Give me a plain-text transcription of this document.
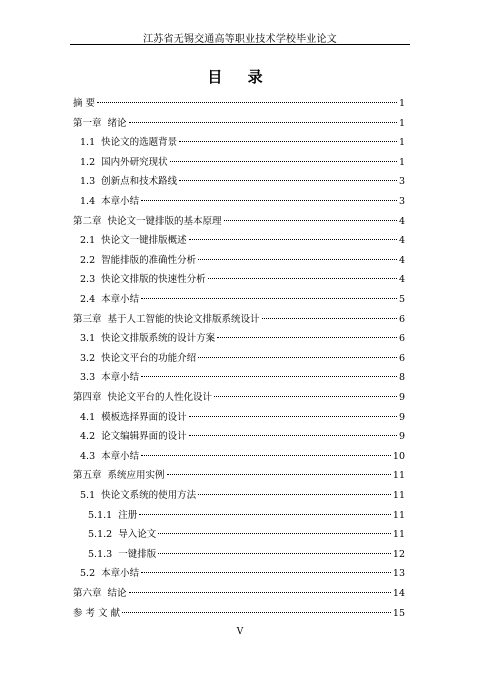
江苏省无锡交通高等职业技术学校毕业论文
目 录
摘 要	1
第一章 绪论	1
1.1 快论文的选题背景	1
1.2 国内外研究现状	1
1.3 创新点和技术路线	3
1.4 本章小结	3
第二章 快论文一键排版的基本原理	4
2.1 快论文一键排版概述	4
2.2 智能排版的准确性分析	4
2.3 快论文排版的快速性分析	4
2.4 本章小结	5
第三章 基于人工智能的快论文排版系统设计	6
3.1 快论文排版系统的设计方案	6
3.2 快论文平台的功能介绍	6
3.3 本章小结	8
第四章 快论文平台的人性化设计	9
4.1 模板选择界面的设计	9
4.2 论文编辑界面的设计	9
4.3 本章小结	10
第五章 系统应用实例	11
5.1 快论文系统的使用方法	11
5.1.1 注册	11
5.1.2 导入论文	11
5.1.3 一键排版	12
5.2 本章小结	13
第六章 结论	14
参 考 文 献	15
V
